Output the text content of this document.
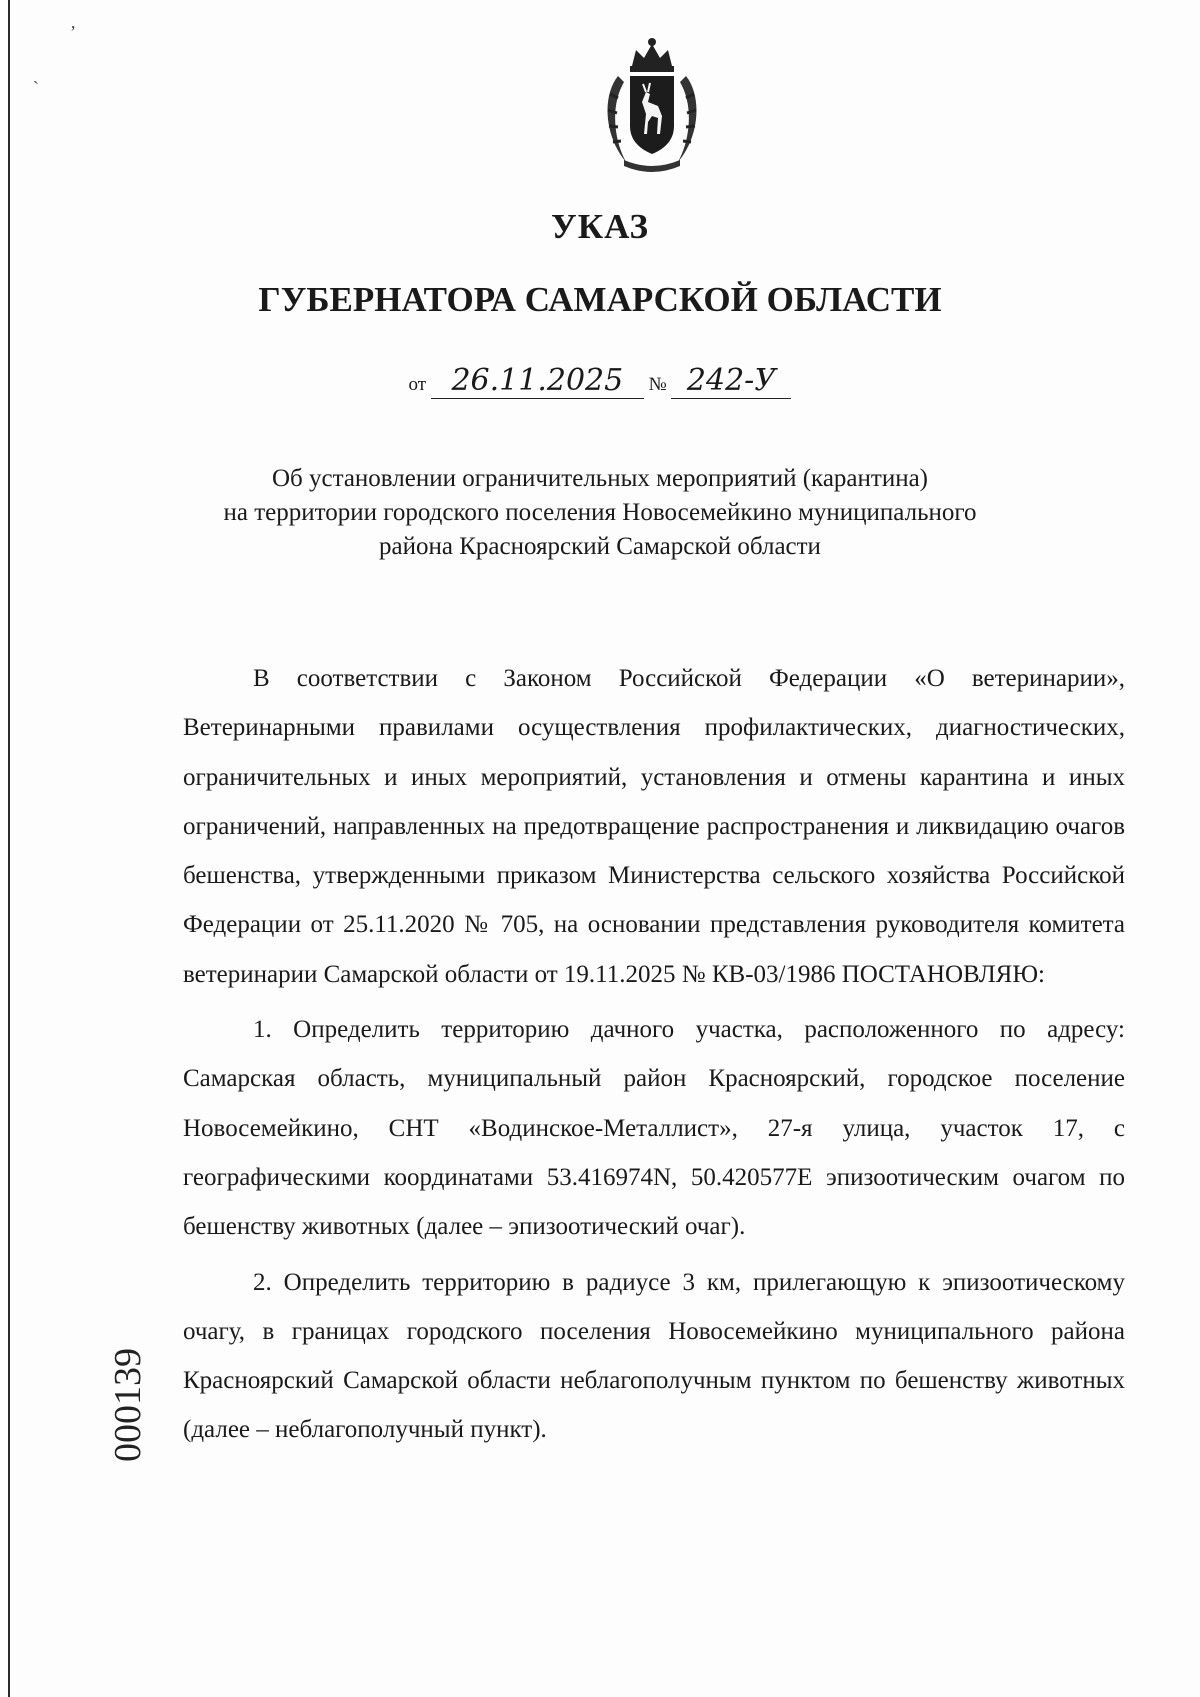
ʼ
ˏ
УКАЗ
ГУБЕРНАТОРА САМАРСКОЙ ОБЛАСТИ
от 26.11.2025 № 242-У
Об установлении ограничительных мероприятий (карантина)
на территории городского поселения Новосемейкино муниципального
района Красноярский Самарской области

В соответствии с Законом Российской Федерации «О ветеринарии», Ветеринарными правилами осуществления профилактических, диагностических, ограничительных и иных мероприятий, установления и отмены карантина и иных ограничений, направленных на предотвращение распространения и ликвидацию очагов бешенства, утвержденными приказом Министерства сельского хозяйства Российской Федерации от 25.11.2020 № 705, на основании представления руководителя комитета ветеринарии Самарской области от 19.11.2025 № КВ-03/1986 ПОСТАНОВЛЯЮ:

1. Определить территорию дачного участка, расположенного по адресу: Самарская область, муниципальный район Красноярский, городское поселение Новосемейкино, СНТ «Водинское-Металлист», 27-я улица, участок 17, с географическими координатами 53.416974N, 50.420577E эпизоотическим очагом по бешенству животных (далее – эпизоотический очаг).

2. Определить территорию в радиусе 3 км, прилегающую к эпизоотическому очагу, в границах городского поселения Новосемейкино муниципального района Красноярский Самарской области неблагополучным пунктом по бешенству животных (далее – неблагополучный пункт).

000139
